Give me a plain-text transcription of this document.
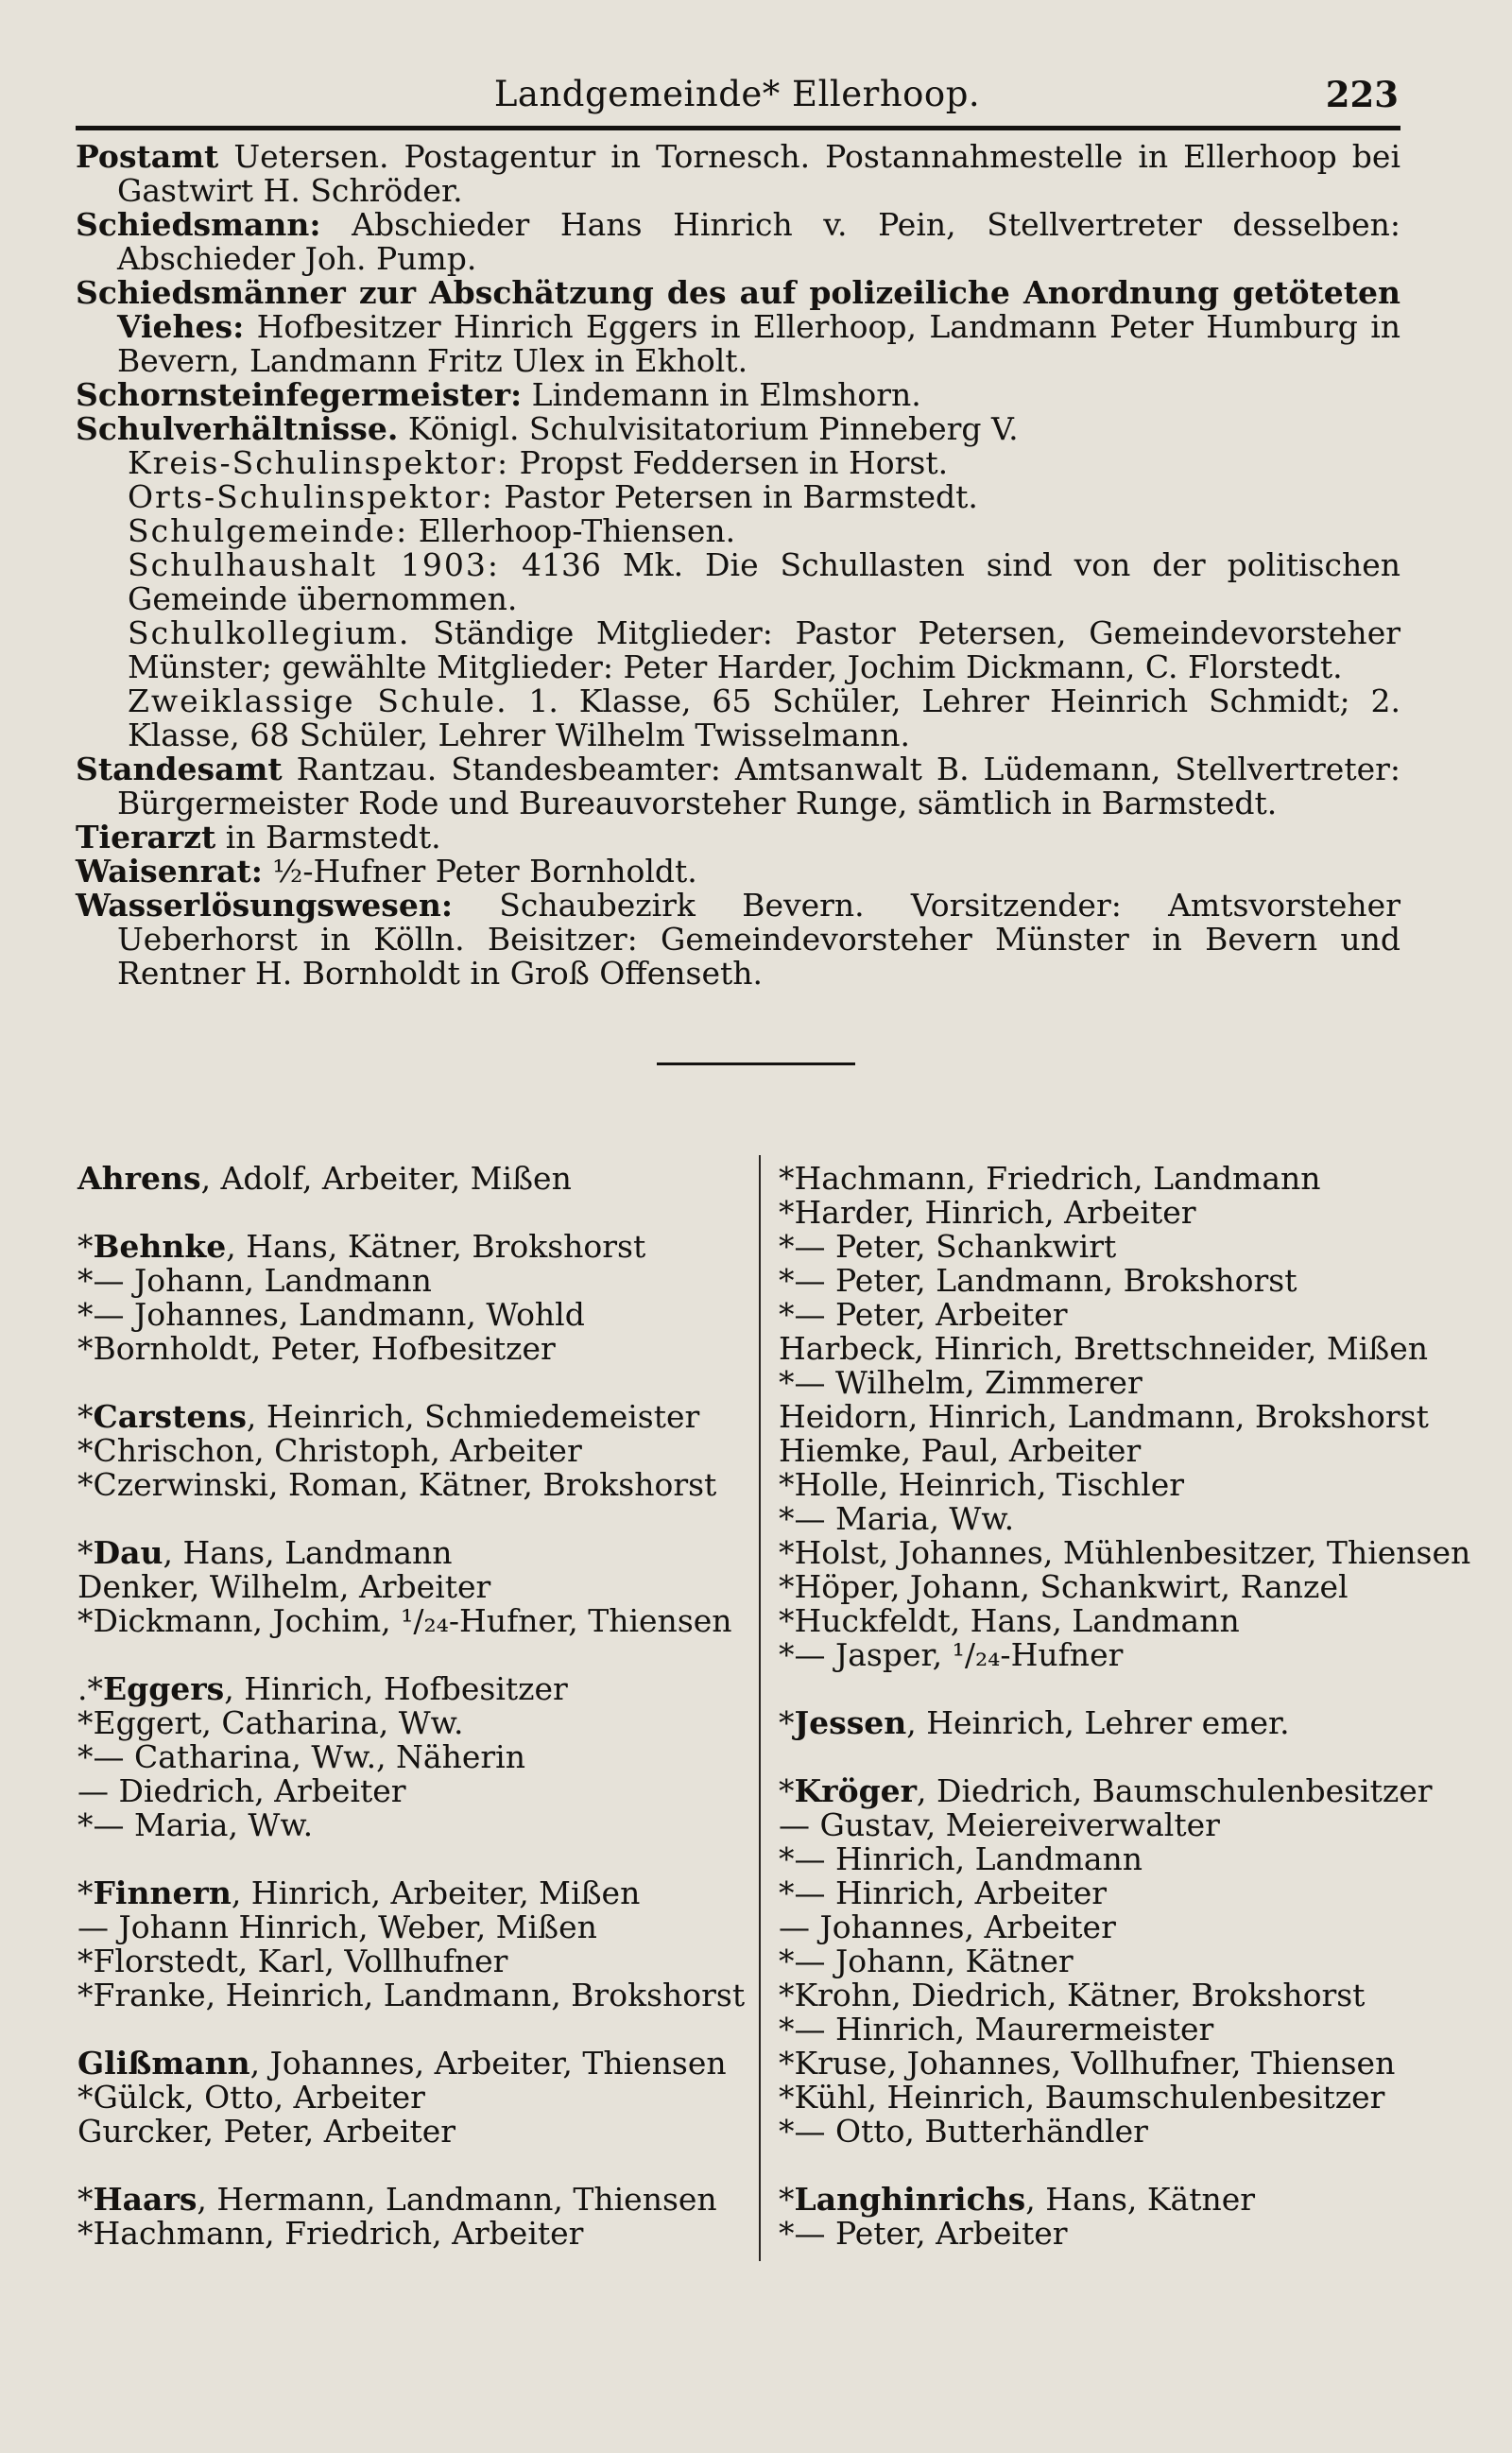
Landgemeinde* Ellerhoop.	223

Postamt Uetersen. Postagentur in Tornesch. Postannahmestelle in Ellerhoop bei Gastwirt H. Schröder.

Schiedsmann: Abschieder Hans Hinrich v. Pein, Stellvertreter desselben: Abschieder Joh. Pump.

Schiedsmänner zur Abschätzung des auf polizeiliche Anordnung getöteten Viehes: Hofbesitzer Hinrich Eggers in Ellerhoop, Landmann Peter Humburg in Bevern, Landmann Fritz Ulex in Ekholt.

Schornsteinfegermeister: Lindemann in Elmshorn.

Schulverhältnisse. Königl. Schulvisitatorium Pinneberg V.

Kreis-Schulinspektor: Propst Feddersen in Horst.

Orts-Schulinspektor: Pastor Petersen in Barmstedt.

Schulgemeinde: Ellerhoop-Thiensen.

Schulhaushalt 1903: 4136 Mk. Die Schullasten sind von der politischen Gemeinde übernommen.

Schulkollegium. Ständige Mitglieder: Pastor Petersen, Gemeindevorsteher Münster; gewählte Mitglieder: Peter Harder, Jochim Dickmann, C. Florstedt.

Zweiklassige Schule. 1. Klasse, 65 Schüler, Lehrer Heinrich Schmidt; 2. Klasse, 68 Schüler, Lehrer Wilhelm Twisselmann.

Standesamt Rantzau. Standesbeamter: Amtsanwalt B. Lüdemann, Stellvertreter: Bürgermeister Rode und Bureauvorsteher Runge, sämtlich in Barmstedt.

Tierarzt in Barmstedt.

Waisenrat: ½-Hufner Peter Bornholdt.

Wasserlösungswesen: Schaubezirk Bevern. Vorsitzender: Amtsvorsteher Ueberhorst in Kölln. Beisitzer: Gemeindevorsteher Münster in Bevern und Rentner H. Bornholdt in Groß Offenseth.

Ahrens, Adolf, Arbeiter, Mißen

*Behnke, Hans, Kätner, Brokshorst

*— Johann, Landmann

*— Johannes, Landmann, Wohld

*Bornholdt, Peter, Hofbesitzer

*Carstens, Heinrich, Schmiedemeister

*Chrischon, Christoph, Arbeiter

*Czerwinski, Roman, Kätner, Brokshorst

*Dau, Hans, Landmann

Denker, Wilhelm, Arbeiter

*Dickmann, Jochim, ¹/₂₄-Hufner, Thiensen

.*Eggers, Hinrich, Hofbesitzer

*Eggert, Catharina, Ww.

*— Catharina, Ww., Näherin

— Diedrich, Arbeiter

*— Maria, Ww.

*Finnern, Hinrich, Arbeiter, Mißen

— Johann Hinrich, Weber, Mißen

*Florstedt, Karl, Vollhufner

*Franke, Heinrich, Landmann, Brokshorst

Glißmann, Johannes, Arbeiter, Thiensen

*Gülck, Otto, Arbeiter

Gurcker, Peter, Arbeiter

*Haars, Hermann, Landmann, Thiensen

*Hachmann, Friedrich, Arbeiter

*Hachmann, Friedrich, Landmann

*Harder, Hinrich, Arbeiter

*— Peter, Schankwirt

*— Peter, Landmann, Brokshorst

*— Peter, Arbeiter

Harbeck, Hinrich, Brettschneider, Mißen

*— Wilhelm, Zimmerer

Heidorn, Hinrich, Landmann, Brokshorst

Hiemke, Paul, Arbeiter

*Holle, Heinrich, Tischler

*— Maria, Ww.

*Holst, Johannes, Mühlenbesitzer, Thiensen

*Höper, Johann, Schankwirt, Ranzel

*Huckfeldt, Hans, Landmann

*— Jasper, ¹/₂₄-Hufner

*Jessen, Heinrich, Lehrer emer.

*Kröger, Diedrich, Baumschulenbesitzer

— Gustav, Meiereiverwalter

*— Hinrich, Landmann

*— Hinrich, Arbeiter

— Johannes, Arbeiter

*— Johann, Kätner

*Krohn, Diedrich, Kätner, Brokshorst

*— Hinrich, Maurermeister

*Kruse, Johannes, Vollhufner, Thiensen

*Kühl, Heinrich, Baumschulenbesitzer

*— Otto, Butterhändler

*Langhinrichs, Hans, Kätner

*— Peter, Arbeiter
